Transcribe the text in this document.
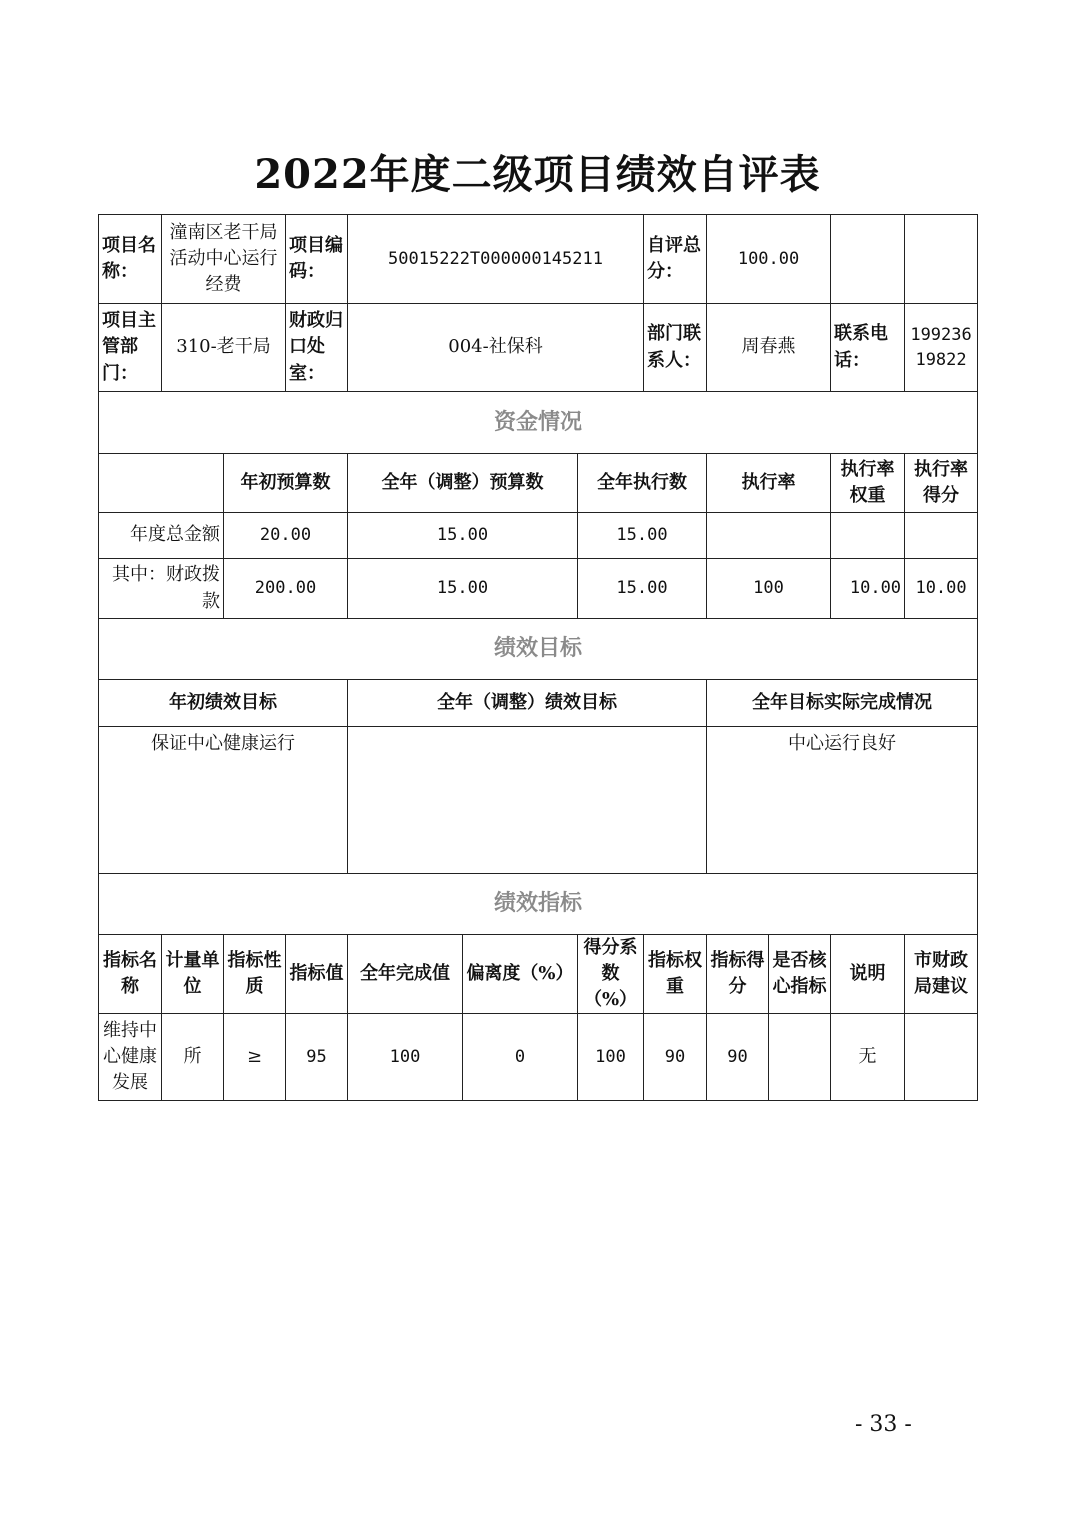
2022年度二级项目绩效自评表
项目名称：	潼南区老干局活动中心运行经费		项目编码：	50015222T000000145211			自评总分：	100.00			
项目主管部门：	310-老干局		财政归口处室：	004-社保科			部门联系人：	周春燕		联系电话：	19923619822
资金情况											
		年初预算数		全年（调整）预算数		全年执行数		执行率		执行率权重	执行率得分
年度总金额		20.00		15.00		15.00					
其中：财政拨款		200.00		15.00		15.00		100		10.00	10.00
绩效目标											
年初绩效目标				全年（调整）绩效目标				全年目标实际完成情况			
保证中心健康运行								中心运行良好			
绩效指标											
指标名称	计量单位	指标性质	指标值	全年完成值	偏离度（%）	得分系数（%）	指标权重	指标得分	是否核心指标	说明	市财政局建议
维持中心健康发展	所	≥	95	100	0	100	90	90		无	
- 33 -
